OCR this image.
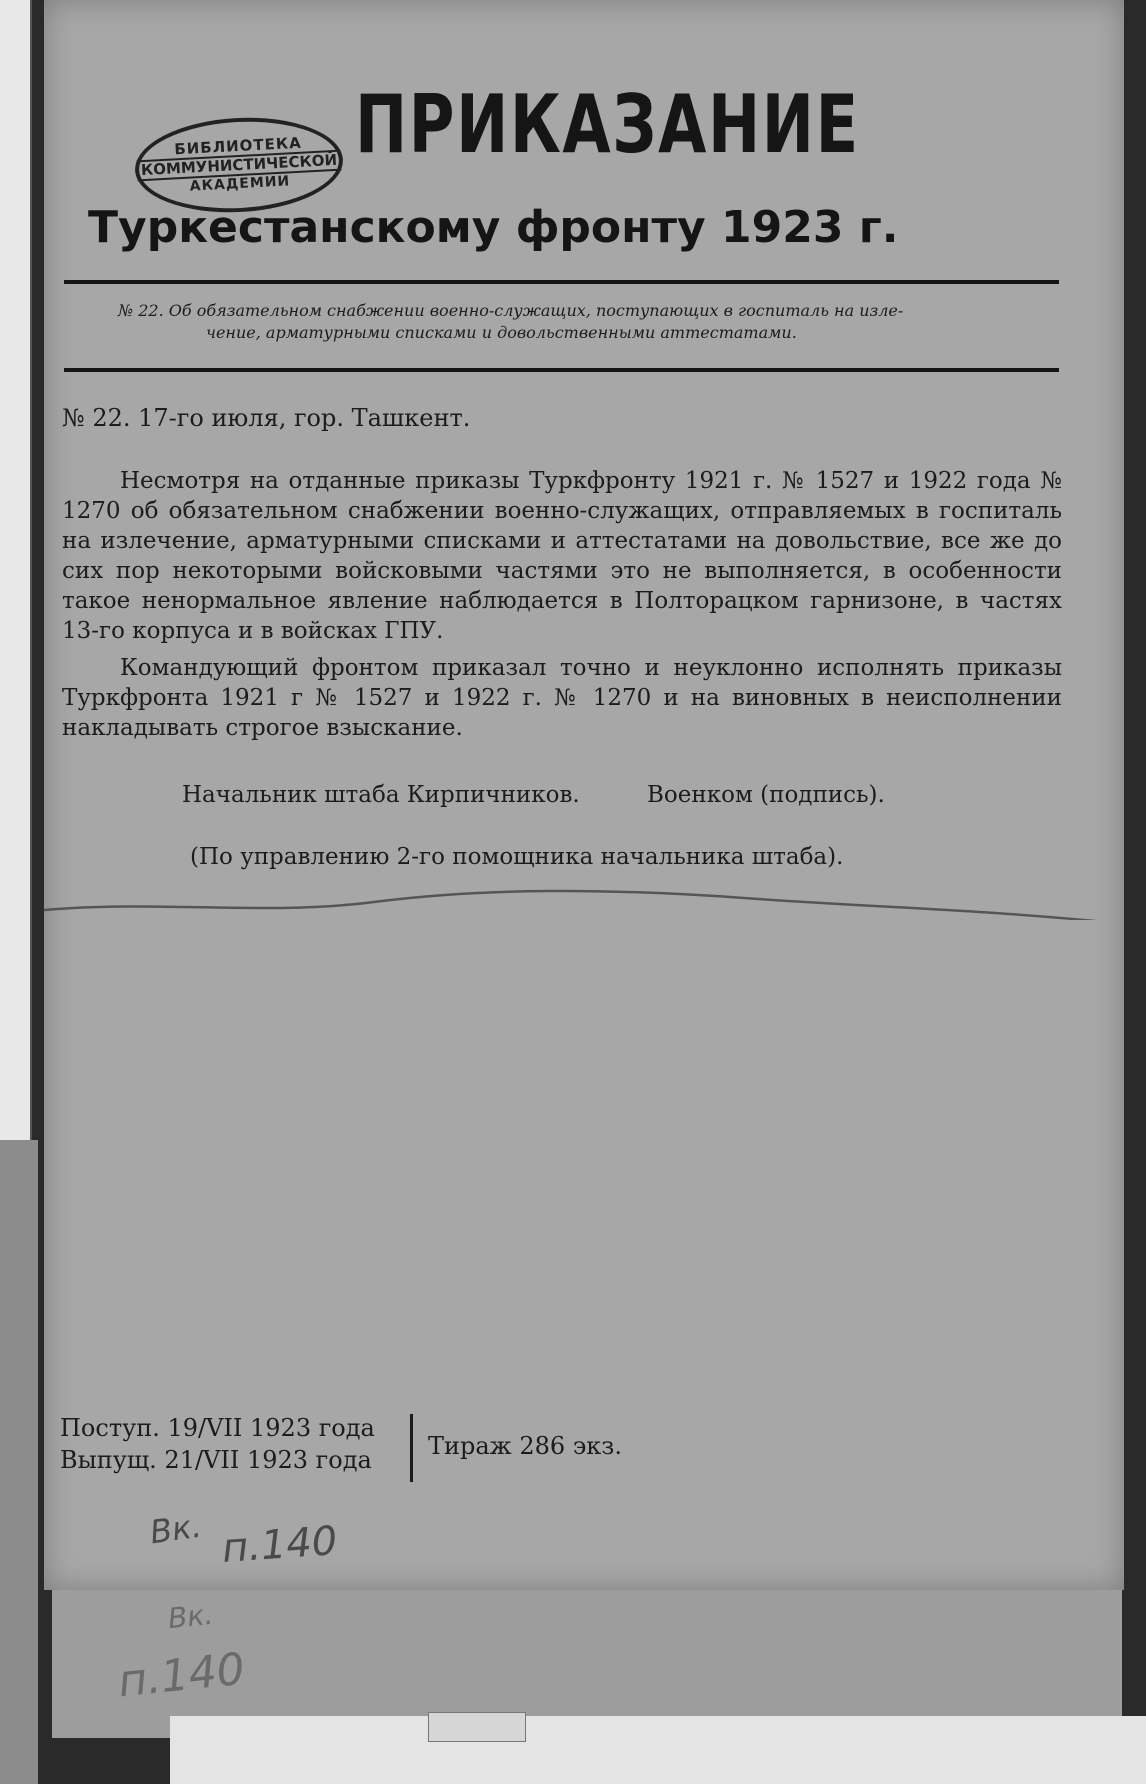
БИБЛИОТЕКА
КОММУНИСТИЧЕСКОЙ
АКАДЕМИИ
ПРИКАЗАНИЕ
Туркестанскому фронту 1923 г.
№ 22. Об обязательном снабжении военно-служащих, поступающих в госпиталь на изле-
чение, арматурными списками и довольственными аттестатами.
№ 22. 17-го июля, гор. Ташкент.
Несмотря на отданные приказы Туркфронту 1921 г. № 1527 и 1922 года № 1270 об обязательном снабжении военно-служащих, отправляемых в госпиталь на излечение, арматурными списками и аттестатами на довольствие, все же до сих пор некоторыми войсковыми частями это не выполняется, в особенности такое ненормальное явление наблюдается в Полторацком гарнизоне, в частях 13-го корпуса и в войсках ГПУ.
Командующий фронтом приказал точно и неуклонно исполнять приказы Туркфронта 1921 г № 1527 и 1922 г. № 1270 и на виновных в неисполнении накладывать строгое взыскание.
Начальник штаба Кирпичников.	Военком (подпись).
(По управлению 2-го помощника начальника штаба).
Поступ. 19/VII 1923 года
Выпущ. 21/VII 1923 года	Тираж 286 экз.
Вк. п.140
Вк.
п.140
